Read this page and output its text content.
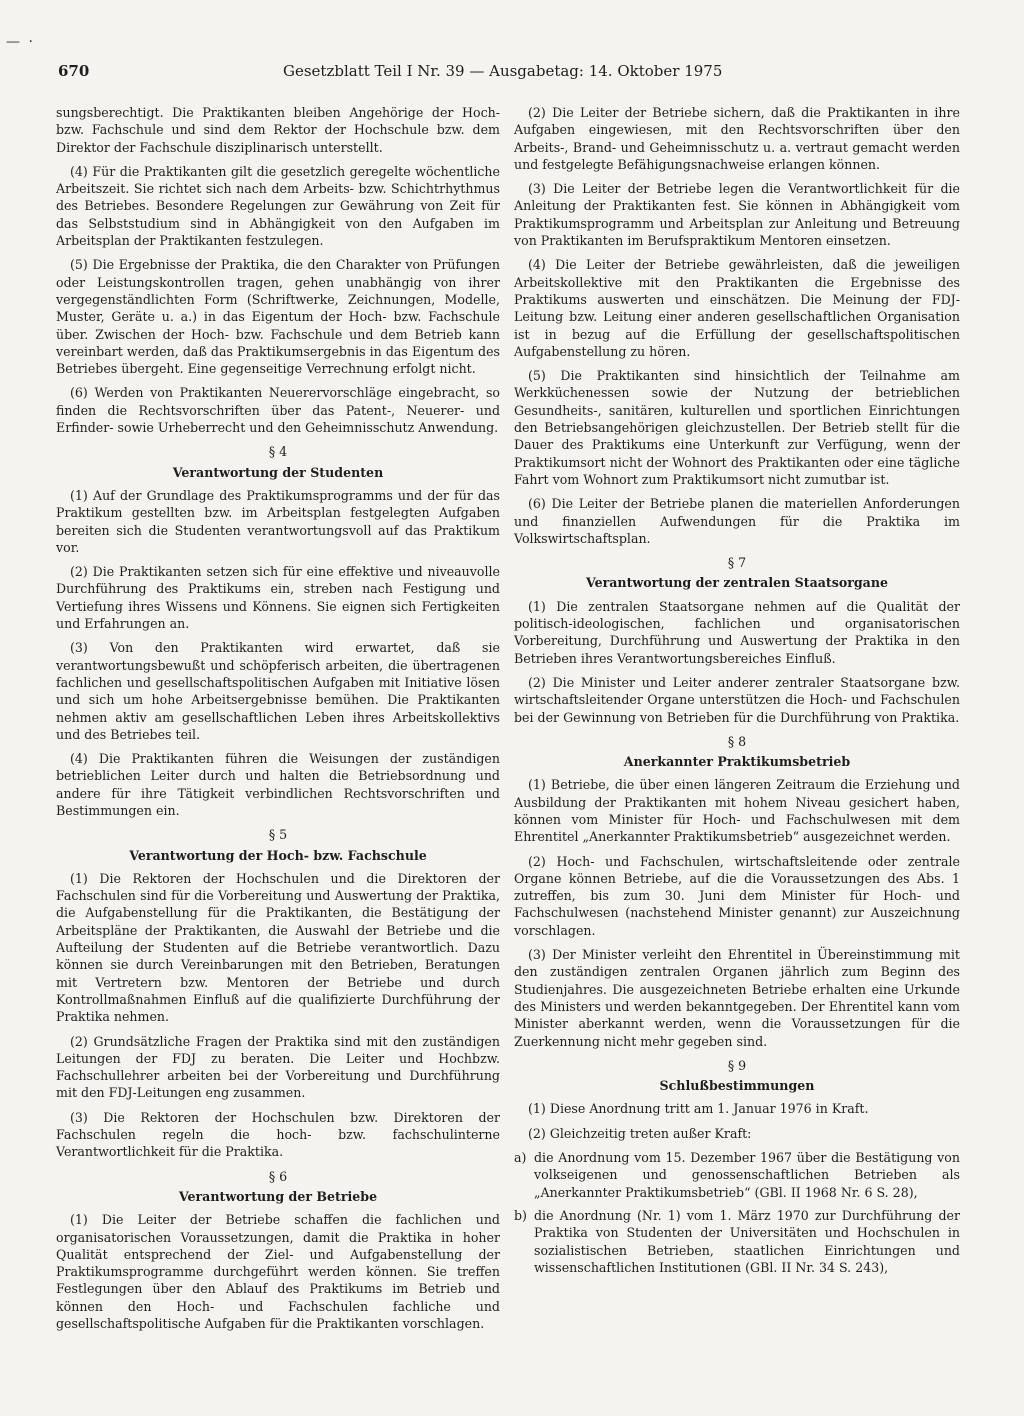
— ·
670	Gesetzblatt Teil I Nr. 39 — Ausgabetag: 14. Oktober 1975

sungsberechtigt. Die Praktikanten bleiben Angehörige der Hoch- bzw. Fachschule und sind dem Rektor der Hochschule bzw. dem Direktor der Fachschule disziplinarisch unterstellt.

(4) Für die Praktikanten gilt die gesetzlich geregelte wöchentliche Arbeitszeit. Sie richtet sich nach dem Arbeits- bzw. Schichtrhythmus des Betriebes. Besondere Regelungen zur Gewährung von Zeit für das Selbststudium sind in Abhängigkeit von den Aufgaben im Arbeitsplan der Praktikanten festzulegen.

(5) Die Ergebnisse der Praktika, die den Charakter von Prüfungen oder Leistungskontrollen tragen, gehen unabhängig von ihrer vergegenständlichten Form (Schriftwerke, Zeichnungen, Modelle, Muster, Geräte u. a.) in das Eigentum der Hoch- bzw. Fachschule über. Zwischen der Hoch- bzw. Fachschule und dem Betrieb kann vereinbart werden, daß das Praktikumsergebnis in das Eigentum des Betriebes übergeht. Eine gegenseitige Verrechnung erfolgt nicht.

(6) Werden von Praktikanten Neuerervorschläge eingebracht, so finden die Rechtsvorschriften über das Patent-, Neuerer- und Erfinder- sowie Urheberrecht und den Geheimnisschutz Anwendung.

§ 4
Verantwortung der Studenten

(1) Auf der Grundlage des Praktikumsprogramms und der für das Praktikum gestellten bzw. im Arbeitsplan festgelegten Aufgaben bereiten sich die Studenten verantwortungsvoll auf das Praktikum vor.

(2) Die Praktikanten setzen sich für eine effektive und niveauvolle Durchführung des Praktikums ein, streben nach Festigung und Vertiefung ihres Wissens und Könnens. Sie eignen sich Fertigkeiten und Erfahrungen an.

(3) Von den Praktikanten wird erwartet, daß sie verantwortungsbewußt und schöpferisch arbeiten, die übertragenen fachlichen und gesellschaftspolitischen Aufgaben mit Initiative lösen und sich um hohe Arbeitsergebnisse bemühen. Die Praktikanten nehmen aktiv am gesellschaftlichen Leben ihres Arbeitskollektivs und des Betriebes teil.

(4) Die Praktikanten führen die Weisungen der zuständigen betrieblichen Leiter durch und halten die Betriebsordnung und andere für ihre Tätigkeit verbindlichen Rechtsvorschriften und Bestimmungen ein.

§ 5
Verantwortung der Hoch- bzw. Fachschule

(1) Die Rektoren der Hochschulen und die Direktoren der Fachschulen sind für die Vorbereitung und Auswertung der Praktika, die Aufgabenstellung für die Praktikanten, die Bestätigung der Arbeitspläne der Praktikanten, die Auswahl der Betriebe und die Aufteilung der Studenten auf die Betriebe verantwortlich. Dazu können sie durch Vereinbarungen mit den Betrieben, Beratungen mit Vertretern bzw. Mentoren der Betriebe und durch Kontrollmaßnahmen Einfluß auf die qualifizierte Durchführung der Praktika nehmen.

(2) Grundsätzliche Fragen der Praktika sind mit den zuständigen Leitungen der FDJ zu beraten. Die Leiter und Hochbzw. Fachschullehrer arbeiten bei der Vorbereitung und Durchführung mit den FDJ-Leitungen eng zusammen.

(3) Die Rektoren der Hochschulen bzw. Direktoren der Fachschulen regeln die hoch- bzw. fachschulinterne Verantwortlichkeit für die Praktika.

§ 6
Verantwortung der Betriebe

(1) Die Leiter der Betriebe schaffen die fachlichen und organisatorischen Voraussetzungen, damit die Praktika in hoher Qualität entsprechend der Ziel- und Aufgabenstellung der Praktikumsprogramme durchgeführt werden können. Sie treffen Festlegungen über den Ablauf des Praktikums im Betrieb und können den Hoch- und Fachschulen fachliche und gesellschaftspolitische Aufgaben für die Praktikanten vorschlagen.

(2) Die Leiter der Betriebe sichern, daß die Praktikanten in ihre Aufgaben eingewiesen, mit den Rechtsvorschriften über den Arbeits-, Brand- und Geheimnisschutz u. a. vertraut gemacht werden und festgelegte Befähigungsnachweise erlangen können.

(3) Die Leiter der Betriebe legen die Verantwortlichkeit für die Anleitung der Praktikanten fest. Sie können in Abhängigkeit vom Praktikumsprogramm und Arbeitsplan zur Anleitung und Betreuung von Praktikanten im Berufspraktikum Mentoren einsetzen.

(4) Die Leiter der Betriebe gewährleisten, daß die jeweiligen Arbeitskollektive mit den Praktikanten die Ergebnisse des Praktikums auswerten und einschätzen. Die Meinung der FDJ-Leitung bzw. Leitung einer anderen gesellschaftlichen Organisation ist in bezug auf die Erfüllung der gesellschaftspolitischen Aufgabenstellung zu hören.

(5) Die Praktikanten sind hinsichtlich der Teilnahme am Werkküchenessen sowie der Nutzung der betrieblichen Gesundheits-, sanitären, kulturellen und sportlichen Einrichtungen den Betriebsangehörigen gleichzustellen. Der Betrieb stellt für die Dauer des Praktikums eine Unterkunft zur Verfügung, wenn der Praktikumsort nicht der Wohnort des Praktikanten oder eine tägliche Fahrt vom Wohnort zum Praktikumsort nicht zumutbar ist.

(6) Die Leiter der Betriebe planen die materiellen Anforderungen und finanziellen Aufwendungen für die Praktika im Volkswirtschaftsplan.

§ 7
Verantwortung der zentralen Staatsorgane

(1) Die zentralen Staatsorgane nehmen auf die Qualität der politisch-ideologischen, fachlichen und organisatorischen Vorbereitung, Durchführung und Auswertung der Praktika in den Betrieben ihres Verantwortungsbereiches Einfluß.

(2) Die Minister und Leiter anderer zentraler Staatsorgane bzw. wirtschaftsleitender Organe unterstützen die Hoch- und Fachschulen bei der Gewinnung von Betrieben für die Durchführung von Praktika.

§ 8
Anerkannter Praktikumsbetrieb

(1) Betriebe, die über einen längeren Zeitraum die Erziehung und Ausbildung der Praktikanten mit hohem Niveau gesichert haben, können vom Minister für Hoch- und Fachschulwesen mit dem Ehrentitel „Anerkannter Praktikumsbetrieb“ ausgezeichnet werden.

(2) Hoch- und Fachschulen, wirtschaftsleitende oder zentrale Organe können Betriebe, auf die die Voraussetzungen des Abs. 1 zutreffen, bis zum 30. Juni dem Minister für Hoch- und Fachschulwesen (nachstehend Minister genannt) zur Auszeichnung vorschlagen.

(3) Der Minister verleiht den Ehrentitel in Übereinstimmung mit den zuständigen zentralen Organen jährlich zum Beginn des Studienjahres. Die ausgezeichneten Betriebe erhalten eine Urkunde des Ministers und werden bekanntgegeben. Der Ehrentitel kann vom Minister aberkannt werden, wenn die Voraussetzungen für die Zuerkennung nicht mehr gegeben sind.

§ 9
Schlußbestimmungen

(1) Diese Anordnung tritt am 1. Januar 1976 in Kraft.

(2) Gleichzeitig treten außer Kraft:

a) die Anordnung vom 15. Dezember 1967 über die Bestätigung von volkseigenen und genossenschaftlichen Betrieben als „Anerkannter Praktikumsbetrieb“ (GBl. II 1968 Nr. 6 S. 28),
b) die Anordnung (Nr. 1) vom 1. März 1970 zur Durchführung der Praktika von Studenten der Universitäten und Hochschulen in sozialistischen Betrieben, staatlichen Einrichtungen und wissenschaftlichen Institutionen (GBl. II Nr. 34 S. 243),
